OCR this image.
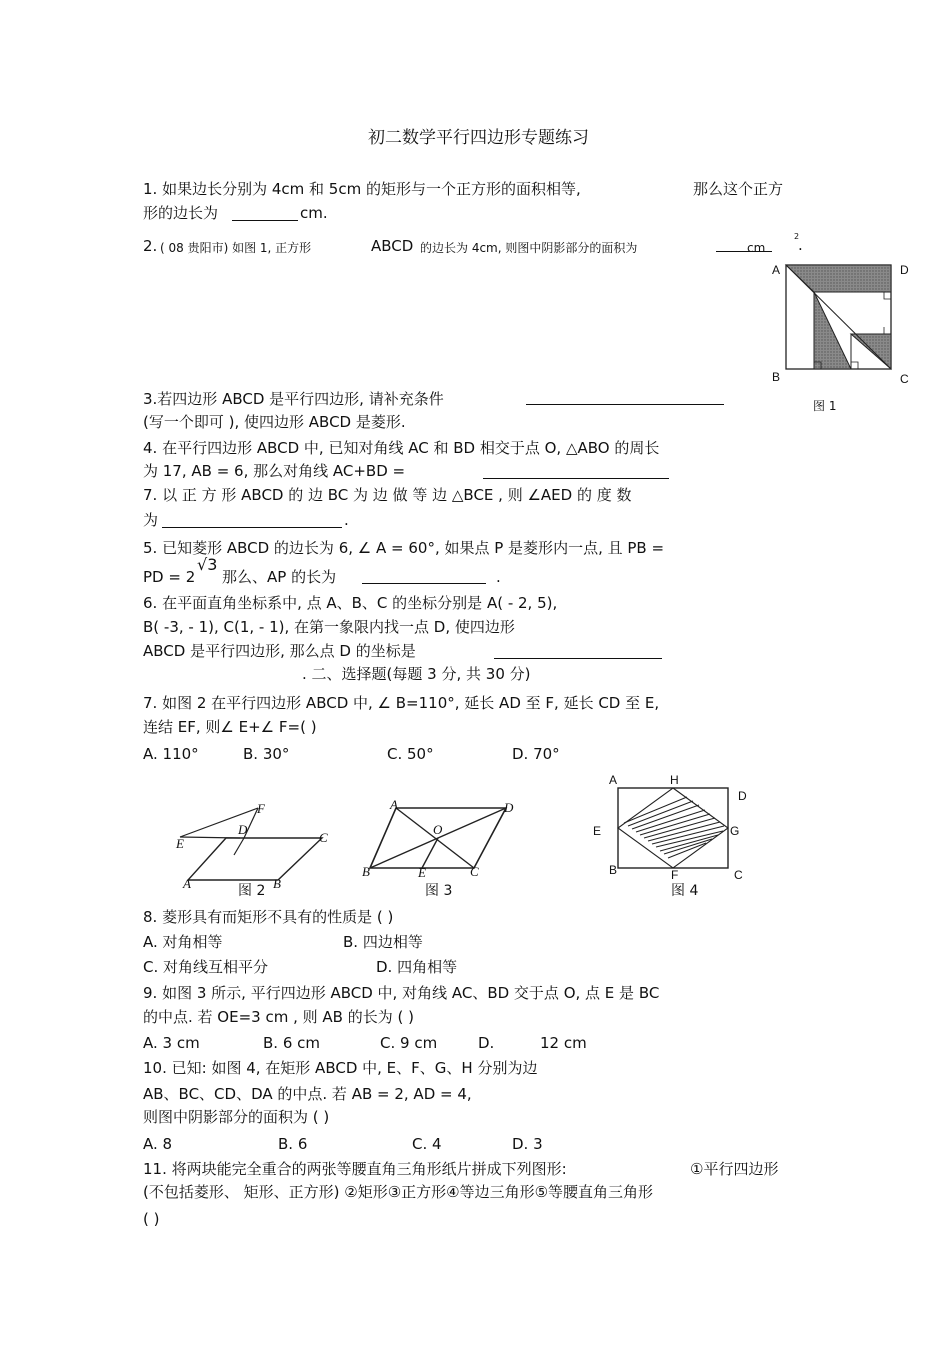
初二数学平行四边形专题练习
1. 如果边长分别为 4cm 和 5cm 的矩形与一个正方形的面积相等,	那么这个正方
形的边长为	cm.
2. ( 08 贵阳市) 如图 1, 正方形	ABCD 的边长为 4cm, 则图中阴影部分的面积为	cm
2
.
A	D
B	C
图 1
3.若四边形 ABCD 是平行四边形, 请补充条件
(写一个即可 ), 使四边形 ABCD 是菱形.
4. 在平行四边形 ABCD 中, 已知对角线 AC 和 BD 相交于点 O, △ABO 的周长
为 17, AB = 6, 那么对角线 AC+BD =
7. 以 正 方 形 ABCD 的 边 BC 为 边 做 等 边 △BCE , 则 ∠AED 的 度 数
为	.
5. 已知菱形 ABCD 的边长为 6, ∠ A = 60°, 如果点 P 是菱形内一点, 且 PB =
PD = 2
√3
那么、AP 的长为	.
6. 在平面直角坐标系中, 点 A、B、C 的坐标分别是 A( - 2, 5),
B( -3, - 1), C(1, - 1), 在第一象限内找一点 D, 使四边形
ABCD 是平行四边形, 那么点 D 的坐标是
. 二、选择题(每题 3 分, 共 30 分)
7. 如图 2 在平行四边形 ABCD 中, ∠ B=110°, 延长 AD 至 F, 延长 CD 至 E,
连结 EF, 则∠ E+∠ F=( )
A. 110°	B. 30°	C. 50°	D. 70°
F
D
C
E
A	B
图 2
A	D
O
B	E	C
图 3
A	H
D
E	G
B	F	C
图 4
8. 菱形具有而矩形不具有的性质是 ( )
A. 对角相等	B. 四边相等
C. 对角线互相平分	D. 四角相等
9. 如图 3 所示, 平行四边形 ABCD 中, 对角线 AC、BD 交于点 O, 点 E 是 BC
的中点. 若 OE=3 cm , 则 AB 的长为 ( )
A. 3 cm	B. 6 cm	C. 9 cm	D.	12 cm
10. 已知: 如图 4, 在矩形 ABCD 中, E、F、G、H 分别为边
AB、BC、CD、DA 的中点. 若 AB = 2, AD = 4,
则图中阴影部分的面积为 ( )
A. 8	B. 6	C. 4	D. 3
11. 将两块能完全重合的两张等腰直角三角形纸片拼成下列图形:	①平行四边形
(不包括菱形、 矩形、正方形) ②矩形③正方形④等边三角形⑤等腰直角三角形
( )
